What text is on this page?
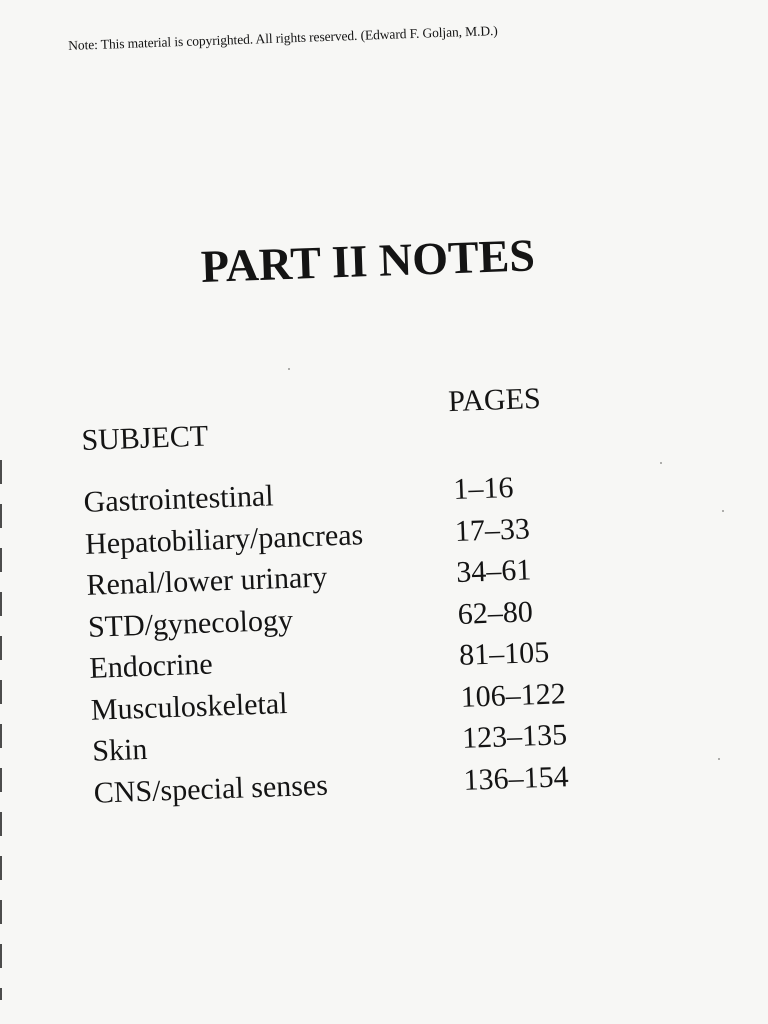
Note: This material is copyrighted. All rights reserved. (Edward F. Goljan, M.D.)
PART II NOTES
SUBJECT
PAGES
Gastrointestinal	1–16
Hepatobiliary/pancreas	17–33
Renal/lower urinary	34–61
STD/gynecology	62–80
Endocrine	81–105
Musculoskeletal	106–122
Skin	123–135
CNS/special senses	136–154
